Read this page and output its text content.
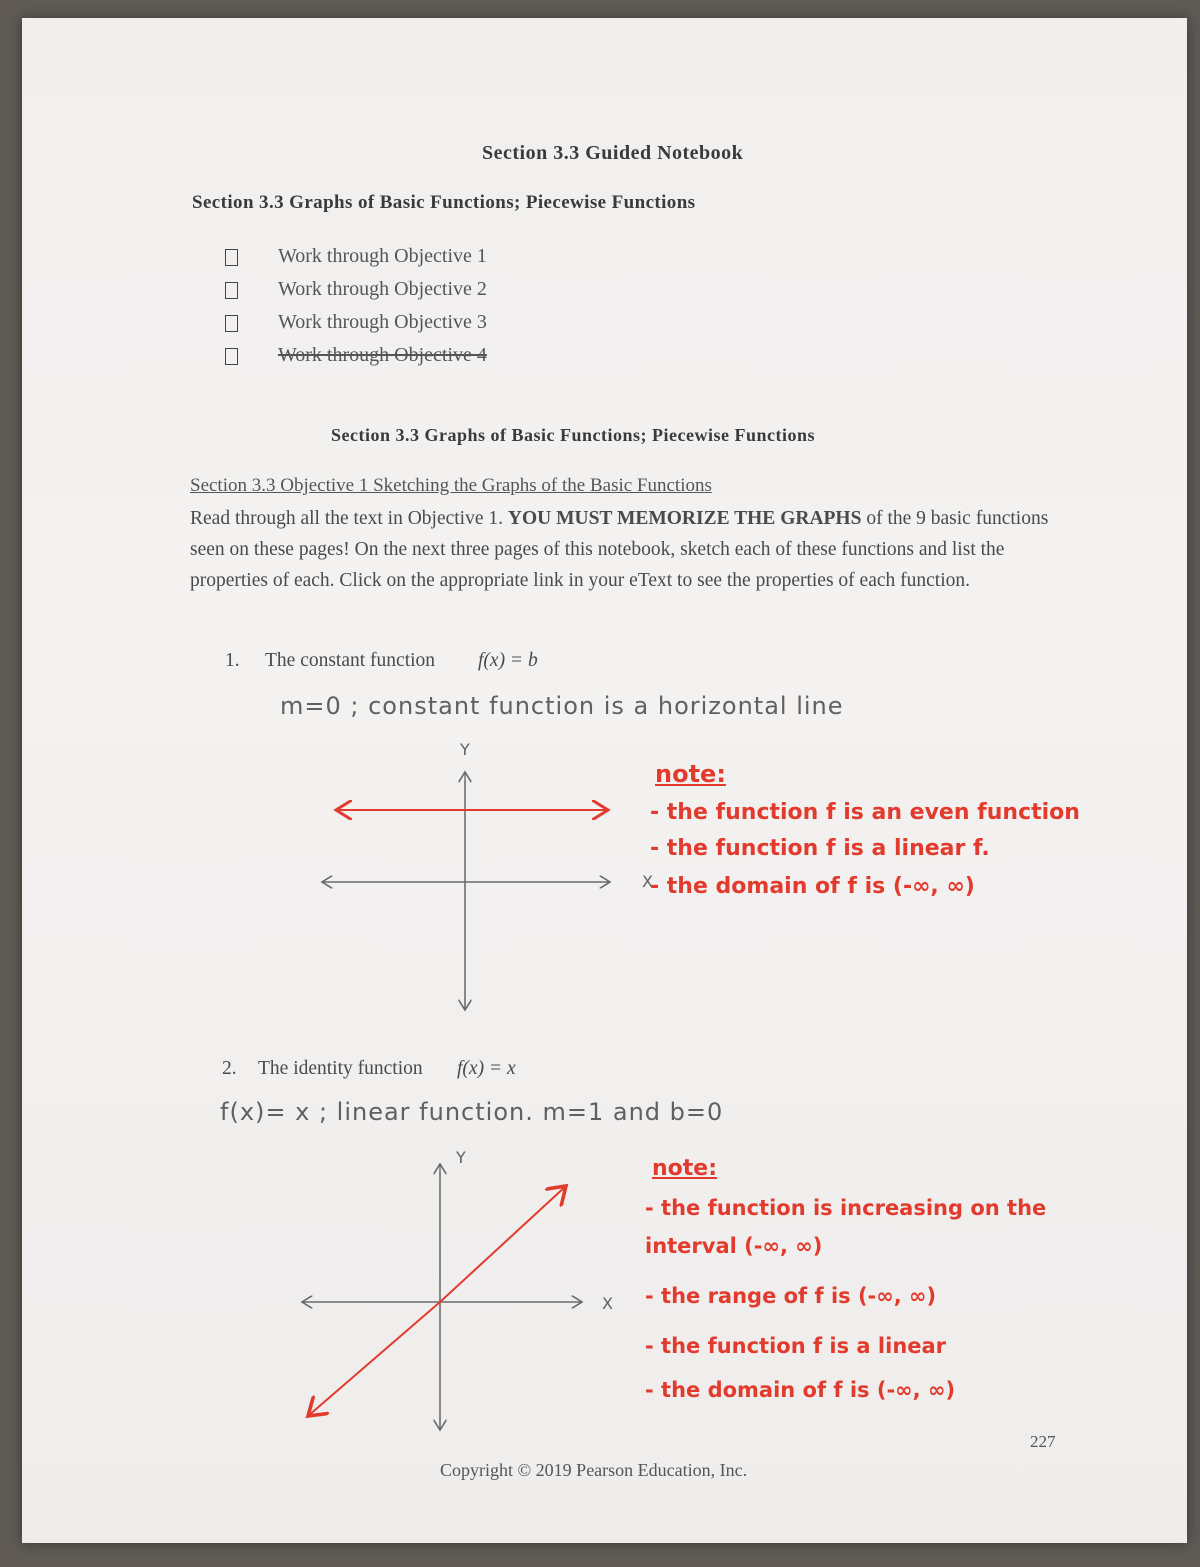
Section 3.3 Guided Notebook
Section 3.3 Graphs of Basic Functions; Piecewise Functions
Work through Objective 1
Work through Objective 2
Work through Objective 3
Work through Objective 4
Section 3.3 Graphs of Basic Functions; Piecewise Functions
Section 3.3 Objective 1 Sketching the Graphs of the Basic Functions
Read through all the text in Objective 1. YOU MUST MEMORIZE THE GRAPHS of the 9 basic functions seen on these pages! On the next three pages of this notebook, sketch each of these functions and list the properties of each. Click on the appropriate link in your eText to see the properties of each function.
1. The constant function f(x) = b
m=0 ; constant function is a horizontal line
Y
X
note:
- the function f is an even function
- the function f is a linear f.
- the domain of f is (-∞, ∞)
2. The identity function f(x) = x
f(x)= x ; linear function. m=1 and b=0
Y
X
note:
- the function is increasing on the
interval (-∞, ∞)
- the range of f is (-∞, ∞)
- the function f is a linear
- the domain of f is (-∞, ∞)
227
Copyright © 2019 Pearson Education, Inc.
